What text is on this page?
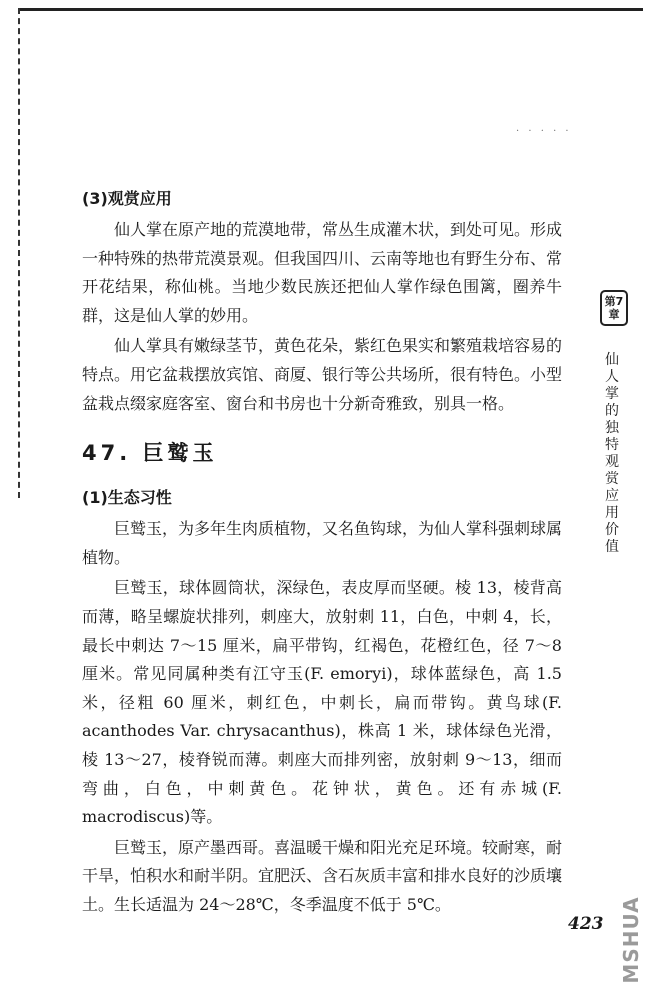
· · · · ·
(3)观赏应用

仙人掌在原产地的荒漠地带，常丛生成灌木状，到处可见。形成一种特殊的热带荒漠景观。但我国四川、云南等地也有野生分布、常开花结果，称仙桃。当地少数民族还把仙人掌作绿色围篱，圈养牛群，这是仙人掌的妙用。

仙人掌具有嫩绿茎节，黄色花朵，紫红色果实和繁殖栽培容易的特点。用它盆栽摆放宾馆、商厦、银行等公共场所，很有特色。小型盆栽点缀家庭客室、窗台和书房也十分新奇雅致，别具一格。

47. 巨鹫玉
(1)生态习性

巨鹫玉，为多年生肉质植物，又名鱼钩球，为仙人掌科强刺球属植物。

巨鹫玉，球体圆筒状，深绿色，表皮厚而坚硬。棱 13，棱背高而薄，略呈螺旋状排列，刺座大，放射刺 11，白色，中刺 4，长，最长中刺达 7～15 厘米，扁平带钩，红褐色，花橙红色，径 7～8 厘米。常见同属种类有江守玉(F. emoryi)，球体蓝绿色，高 1.5 米，径粗 60 厘米，刺红色，中刺长，扁而带钩。黄鸟球(F. acanthodes Var. chrysacanthus)，株高 1 米，球体绿色光滑，棱 13～27，棱脊锐而薄。刺座大而排列密，放射刺 9～13，细而弯曲，白色，中刺黄色。花钟状，黄色。还有赤城(F. macrodiscus)等。

巨鹫玉，原产墨西哥。喜温暖干燥和阳光充足环境。较耐寒，耐干旱，怕积水和耐半阴。宜肥沃、含石灰质丰富和排水良好的沙质壤土。生长适温为 24～28℃，冬季温度不低于 5℃。

第7章
仙人掌的独特观赏应用价值
423 MSHUA
